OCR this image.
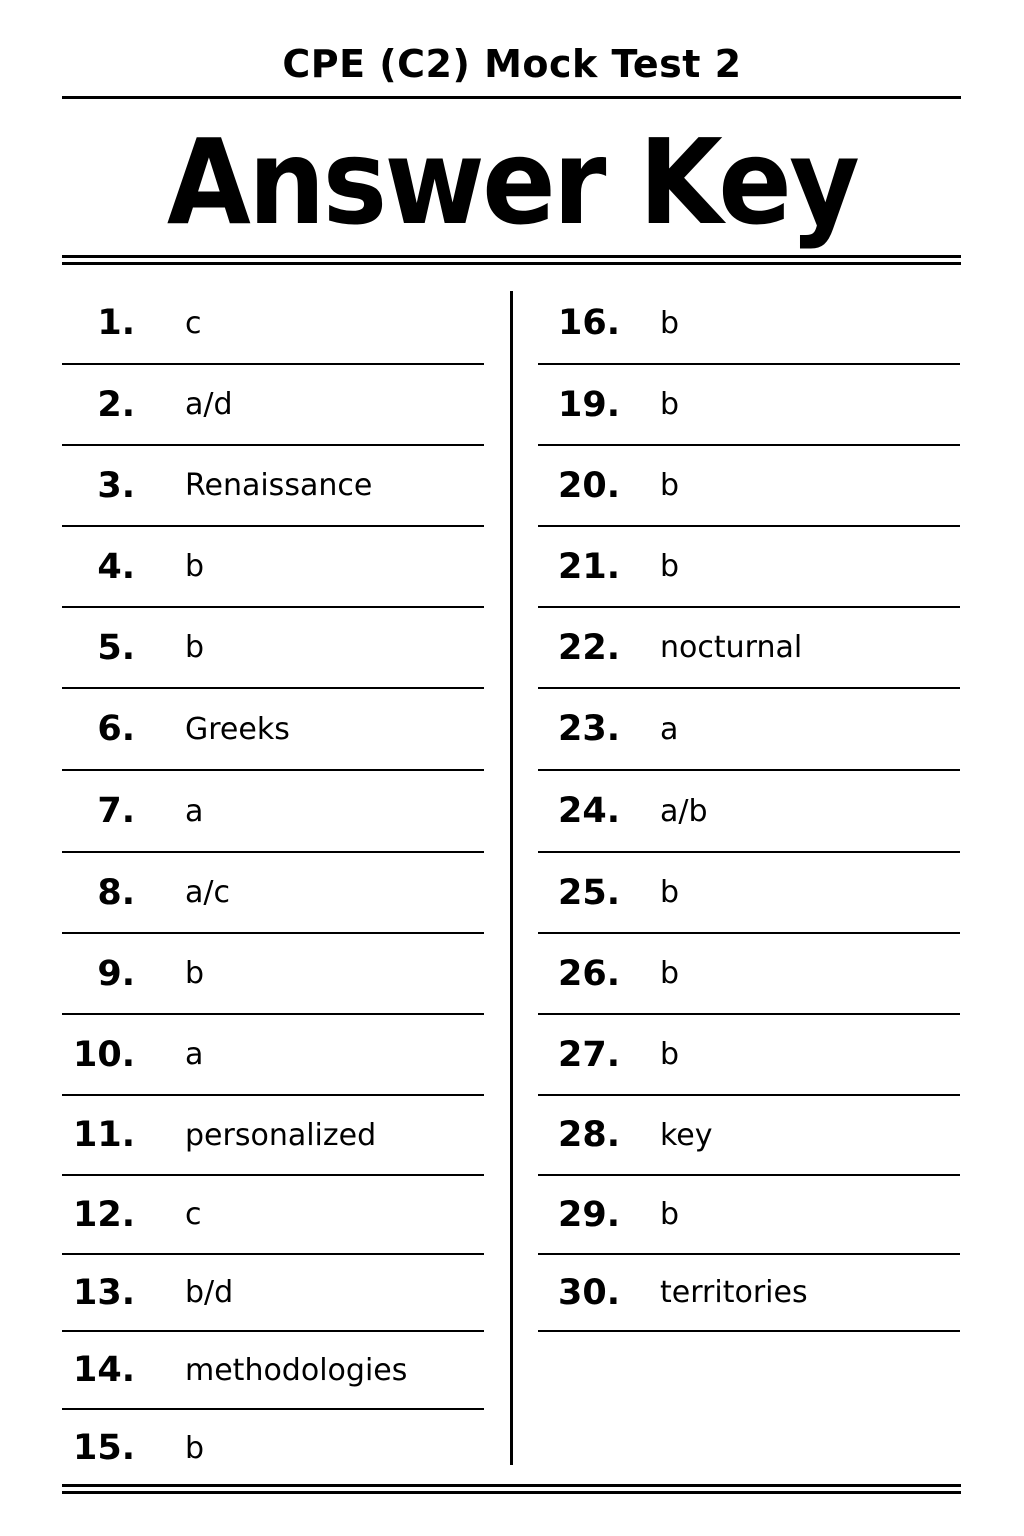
CPE (C2) Mock Test 2
Answer Key
1. c
2. a/d
3. Renaissance
4. b
5. b
6. Greeks
7. a
8. a/c
9. b
10. a
11. personalized
12. c
13. b/d
14. methodologies
15. b
16. b
19. b
20. b
21. b
22. nocturnal
23. a
24. a/b
25. b
26. b
27. b
28. key
29. b
30. territories
